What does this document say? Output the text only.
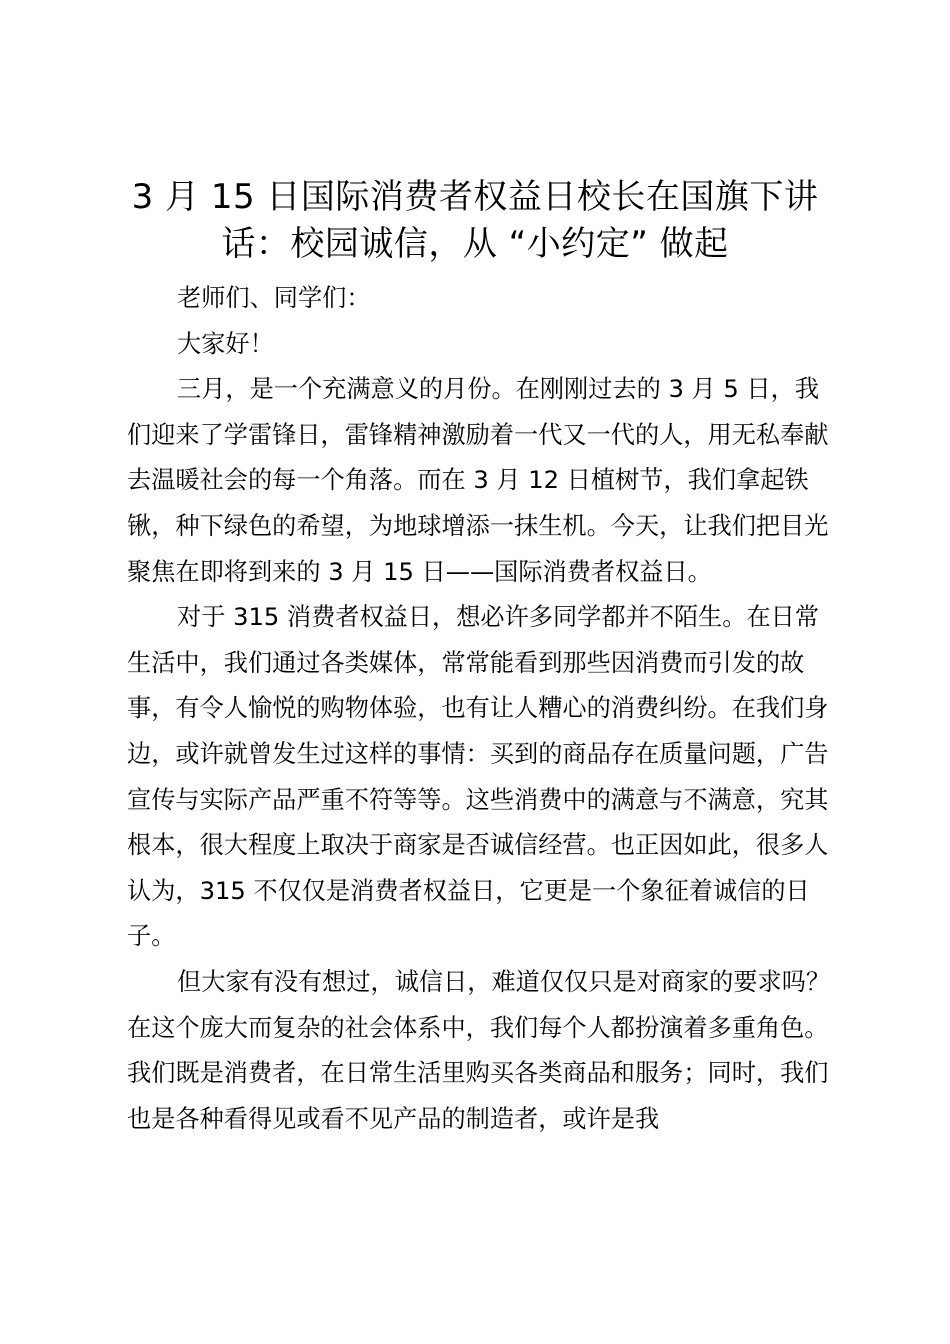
3 月 15 日国际消费者权益日校长在国旗下讲
话：校园诚信，从 “小约定” 做起

老师们、同学们：

大家好！

三月，是一个充满意义的月份。在刚刚过去的 3 月 5 日，我们迎来了学雷锋日，雷锋精神激励着一代又一代的人，用无私奉献去温暖社会的每一个角落。而在 3 月 12 日植树节，我们拿起铁锹，种下绿色的希望，为地球增添一抹生机。今天，让我们把目光聚焦在即将到来的 3 月 15 日——国际消费者权益日。

对于 315 消费者权益日，想必许多同学都并不陌生。在日常生活中，我们通过各类媒体，常常能看到那些因消费而引发的故事，有令人愉悦的购物体验，也有让人糟心的消费纠纷。在我们身边，或许就曾发生过这样的事情：买到的商品存在质量问题，广告宣传与实际产品严重不符等等。这些消费中的满意与不满意，究其根本，很大程度上取决于商家是否诚信经营。也正因如此，很多人认为，315 不仅仅是消费者权益日，它更是一个象征着诚信的日子。

但大家有没有想过，诚信日，难道仅仅只是对商家的要求吗？在这个庞大而复杂的社会体系中，我们每个人都扮演着多重角色。我们既是消费者，在日常生活里购买各类商品和服务；同时，我们也是各种看得见或看不见产品的制造者，或许是我
